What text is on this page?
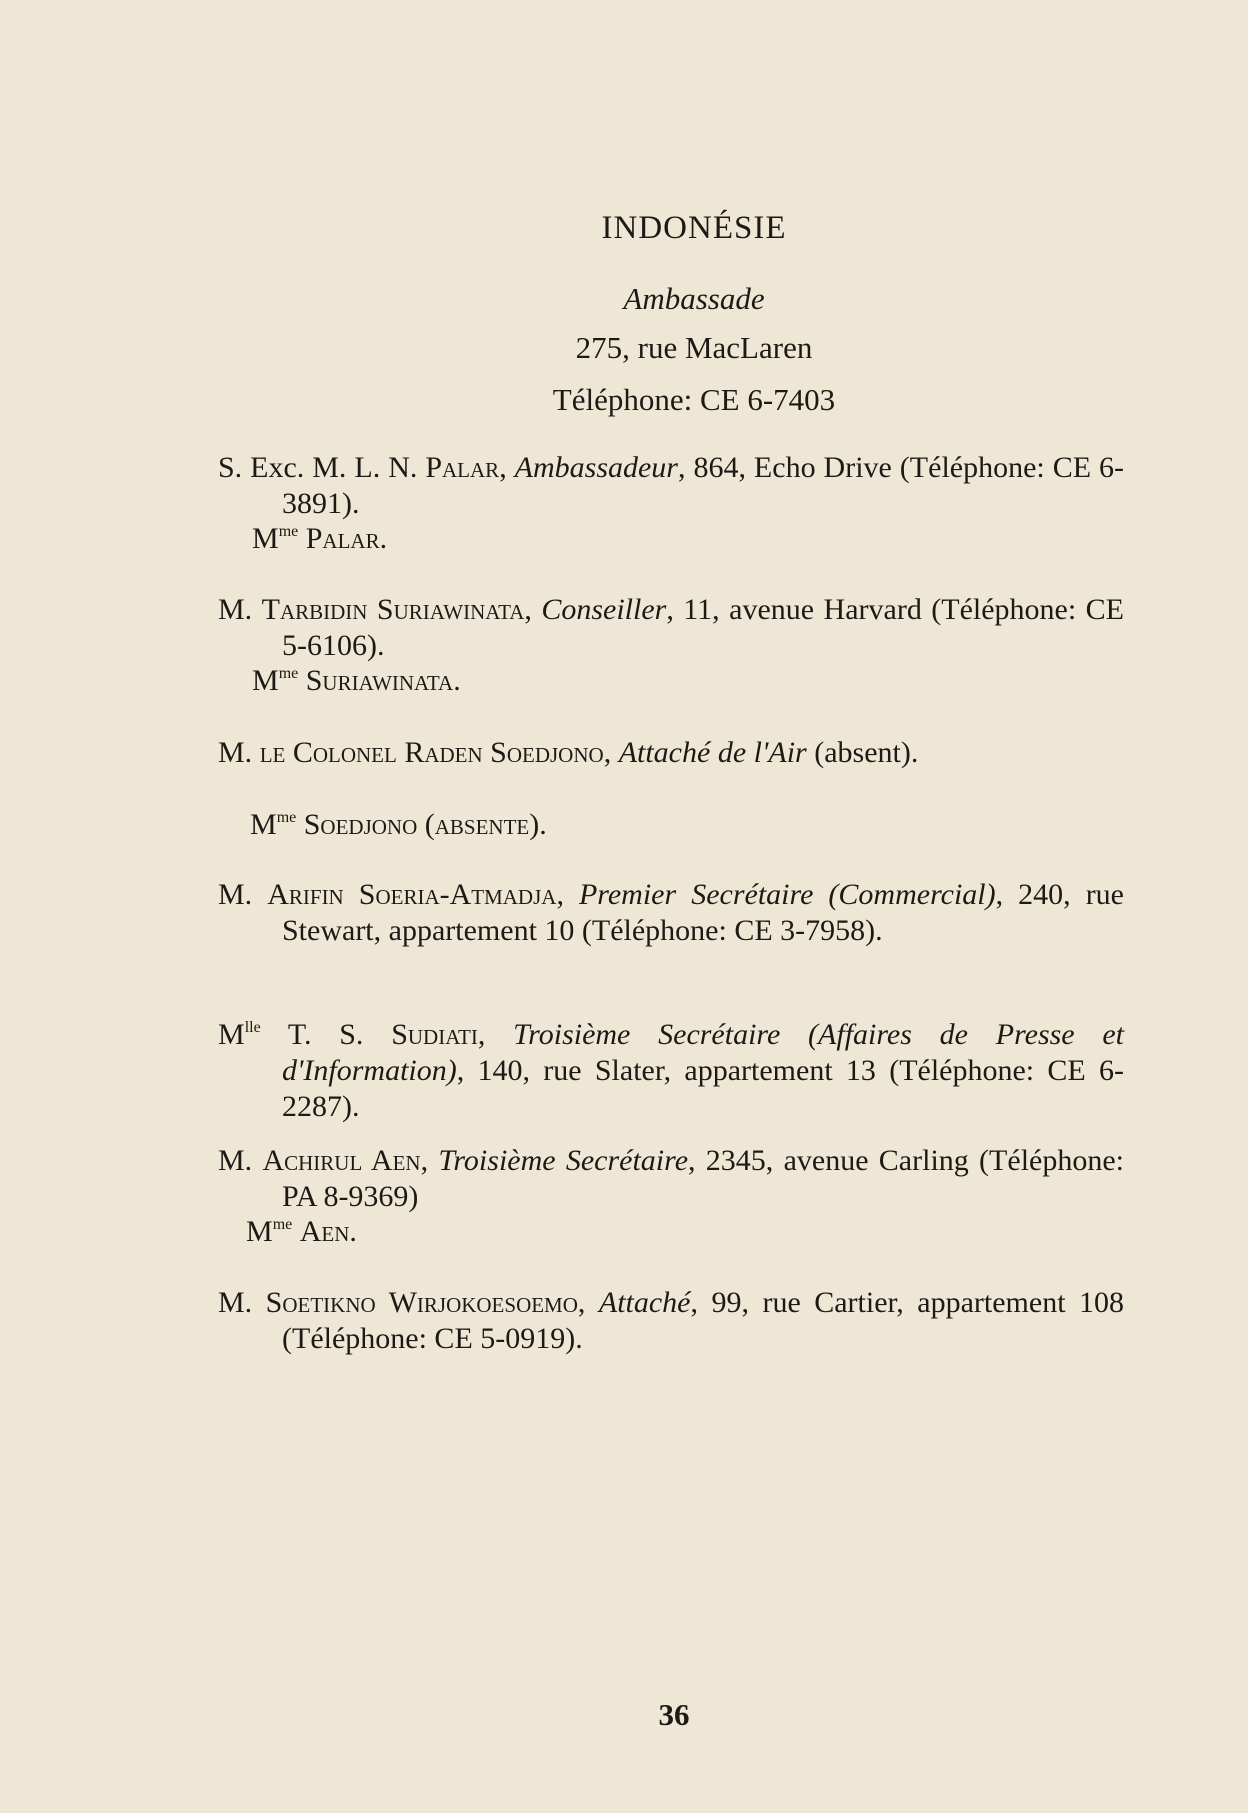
INDONÉSIE
Ambassade
275, rue MacLaren
Téléphone: CE 6-7403
S. Exc. M. L. N. Palar, Ambassadeur, 864, Echo Drive (Téléphone: CE 6-3891).
$M^{me}$ Palar.
M. Tarbidin Suriawinata, Conseiller, 11, avenue Harvard (Téléphone: CE 5-6106).
$M^{me}$ Suriawinata.
M. le Colonel Raden Soedjono, Attaché de l'Air (absent).
$M^{me}$ Soedjono (absente).
M. Arifin Soeria-Atmadja, Premier Secrétaire (Commercial), 240, rue Stewart, appartement 10 (Téléphone: CE 3-7958).
$M^{lle}$ T. S. Sudiati, Troisième Secrétaire (Affaires de Presse et d'Information), 140, rue Slater, appartement 13 (Téléphone: CE 6-2287).
M. Achirul Aen, Troisième Secrétaire, 2345, avenue Carling (Téléphone: PA 8-9369)
$M^{me}$ Aen.
M. Soetikno Wirjokoesoemo, Attaché, 99, rue Cartier, appartement 108 (Téléphone: CE 5-0919).
36
